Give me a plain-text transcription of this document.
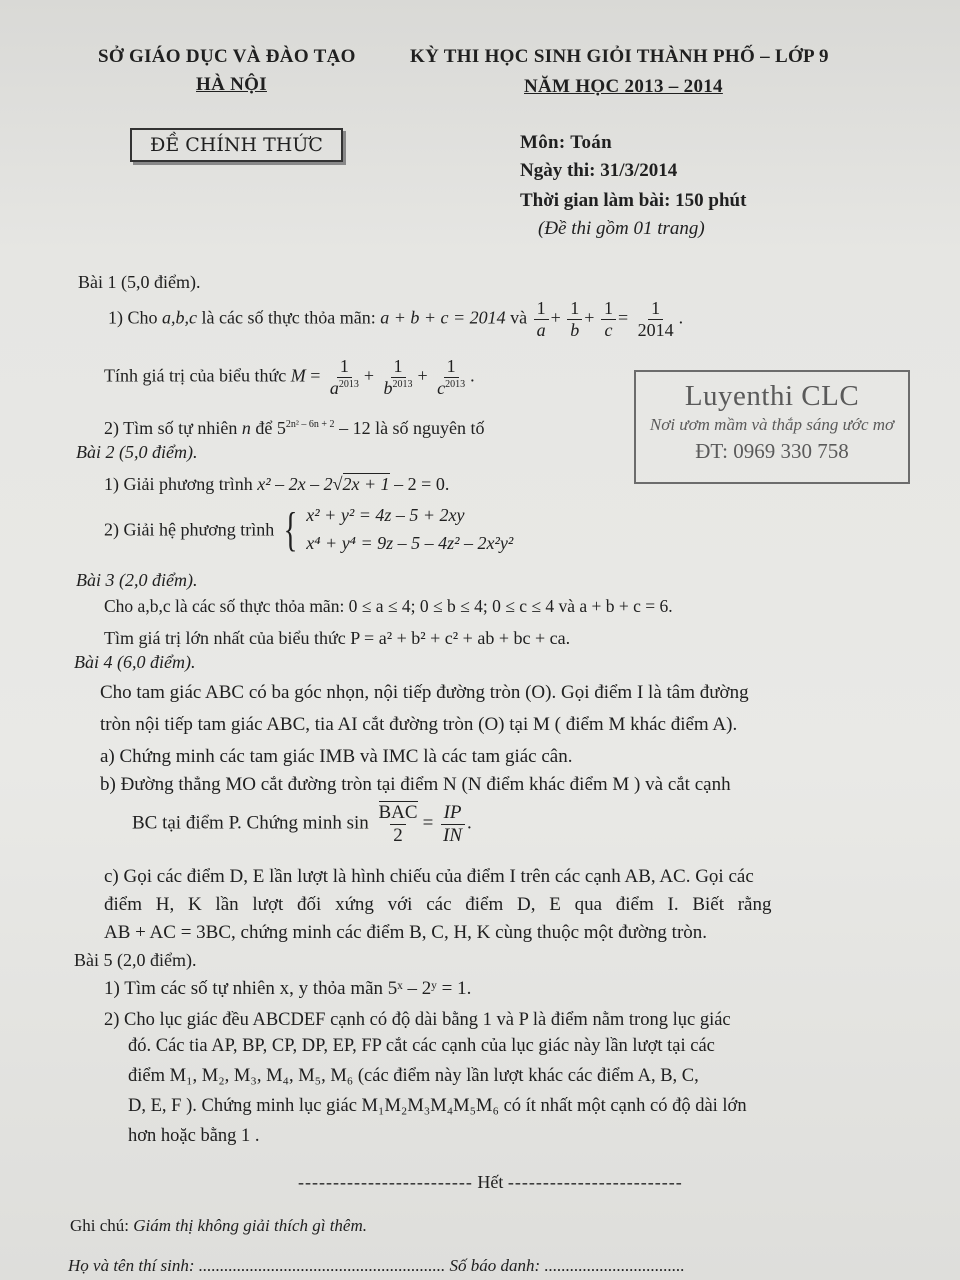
SỞ GIÁO DỤC VÀ ĐÀO TẠO
HÀ NỘI
KỲ THI HỌC SINH GIỎI THÀNH PHỐ – LỚP 9
NĂM HỌC 2013 – 2014
ĐỀ CHÍNH THỨC	Môn: Toán
Ngày thi: 31/3/2014
Thời gian làm bài: 150 phút
(Đề thi gồm 01 trang)
Luyenthi CLC
Nơi ươm mầm và thắp sáng ước mơ
ĐT: 0969 330 758
Bài 1 (5,0 điểm).
1) Cho a,b,c là các số thực thỏa mãn: a + b + c = 2014 và $\frac{1}{a} + \frac{1}{b} + \frac{1}{c} = \frac{1}{2014}$ .
Tính giá trị của biểu thức $M = \frac{1}{a^{2013}} + \frac{1}{b^{2013}} + \frac{1}{c^{2013}}$ .
2) Tìm số tự nhiên n để $5^{2n^2 - 6n + 2} - 12$ là số nguyên tố
Bài 2 (5,0 điểm).
1) Giải phương trình x² – 2x – 2√2x + 1 – 2 = 0.
2) Giải hệ phương trình { x² + y² = 4z – 5 + 2xy
x⁴ + y⁴ = 9z – 5 – 4z² – 2x²y²
Bài 3 (2,0 điểm).
Cho a,b,c là các số thực thỏa mãn: 0 ≤ a ≤ 4; 0 ≤ b ≤ 4; 0 ≤ c ≤ 4 và a + b + c = 6.
Tìm giá trị lớn nhất của biểu thức P = a² + b² + c² + ab + bc + ca.
Bài 4 (6,0 điểm).
Cho tam giác ABC có ba góc nhọn, nội tiếp đường tròn (O). Gọi điểm I là tâm đường
tròn nội tiếp tam giác ABC, tia AI cắt đường tròn (O) tại M ( điểm M khác điểm A).
a) Chứng minh các tam giác IMB và IMC là các tam giác cân.
b) Đường thẳng MO cắt đường tròn tại điểm N (N điểm khác điểm M ) và cắt cạnh
BC tại điểm P. Chứng minh $\sin \frac{\text{BAC}}{2} = \frac{IP}{IN}$ .
c) Gọi các điểm D, E lần lượt là hình chiếu của điểm I trên các cạnh AB, AC. Gọi các
điểm H, K lần lượt đối xứng với các điểm D, E qua điểm I. Biết rằng
AB + AC = 3BC, chứng minh các điểm B, C, H, K cùng thuộc một đường tròn.
Bài 5 (2,0 điểm).
1) Tìm các số tự nhiên x, y thỏa mãn 5ˣ – 2ʸ = 1.
2) Cho lục giác đều ABCDEF cạnh có độ dài bằng 1 và P là điểm nằm trong lục giác
đó. Các tia AP, BP, CP, DP, EP, FP cắt các cạnh của lục giác này lần lượt tại các
điểm M₁, M₂, M₃, M₄, M₅, M₆ (các điểm này lần lượt khác các điểm A, B, C,
D, E, F ). Chứng minh lục giác M₁M₂M₃M₄M₅M₆ có ít nhất một cạnh có độ dài lớn
hơn hoặc bằng 1 .
------------------------- Hết -------------------------
Ghi chú: Giám thị không giải thích gì thêm.
Họ và tên thí sinh: .......................................................... Số báo danh: .................................
